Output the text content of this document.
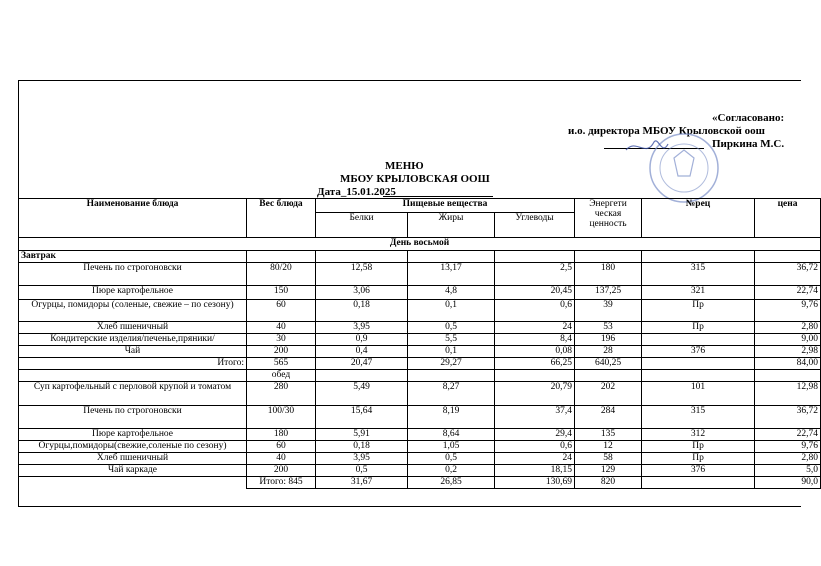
«Согласовано:
и.о. директора МБОУ Крыловской оош
Пиркина М.С.
МЕНЮ
МБОУ КРЫЛОВСКАЯ ООШ
Дата_15.01.2025
Наименование блюда	Вес блюда	Пищевые вещества			Энергети ческая ценность	№рец	цена
		Белки	Жиры	Углеводы			
День восьмой							
Завтрак							
Печень по строгоновски	80/20	12,58	13,17	2,5	180	315	36,72
Пюре картофельное	150	3,06	4,8	20,45	137,25	321	22,74
Огурцы, помидоры (соленые, свежие – по сезону)	60	0,18	0,1	0,6	39	Пр	9,76
Хлеб пшеничный	40	3,95	0,5	24	53	Пр	2,80
Кондитерские изделия/печенье,пряники/	30	0,9	5,5	8,4	196		9,00
Чай	200	0,4	0,1	0,08	28	376	2,98
Итого:	565	20,47	29,27	66,25	640,25		84,00
	обед						
Суп картофельный с перловой крупой и томатом	280	5,49	8,27	20,79	202	101	12,98
Печень по строгоновски	100/30	15,64	8,19	37,4	284	315	36,72
Пюре картофельное	180	5,91	8,64	29,4	135	312	22,74
Огурцы,помидоры(свежие,соленые по сезону)	60	0,18	1,05	0,6	12	Пр	9,76
Хлеб пшеничный	40	3,95	0,5	24	58	Пр	2,80
Чай каркаде	200	0,5	0,2	18,15	129	376	5,0
	Итого: 845	31,67	26,85	130,69	820		90,0
